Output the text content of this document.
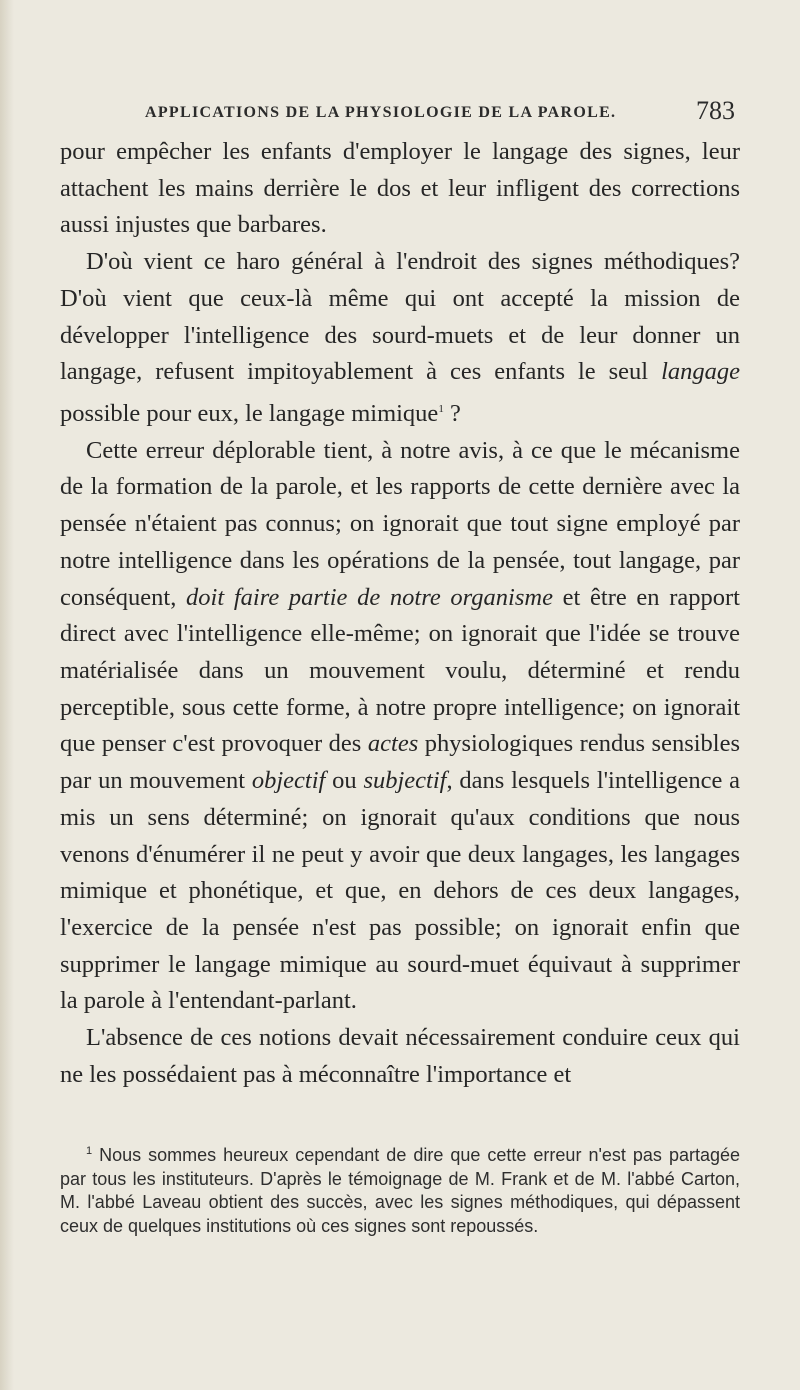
APPLICATIONS DE LA PHYSIOLOGIE DE LA PAROLE.	783

pour empêcher les enfants d'employer le langage des signes, leur attachent les mains derrière le dos et leur infligent des corrections aussi injustes que barbares.

D'où vient ce haro général à l'endroit des signes méthodiques? D'où vient que ceux-là même qui ont accepté la mission de développer l'intelligence des sourd-muets et de leur donner un langage, refusent impitoyablement à ces enfants le seul langage possible pour eux, le langage mimique$^1$ ?

Cette erreur déplorable tient, à notre avis, à ce que le mécanisme de la formation de la parole, et les rapports de cette dernière avec la pensée n'étaient pas connus; on ignorait que tout signe employé par notre intelligence dans les opérations de la pensée, tout langage, par conséquent, doit faire partie de notre organisme et être en rapport direct avec l'intelligence elle-même; on ignorait que l'idée se trouve matérialisée dans un mouvement voulu, déterminé et rendu perceptible, sous cette forme, à notre propre intelligence; on ignorait que penser c'est provoquer des actes physiologiques rendus sensibles par un mouvement objectif ou subjectif, dans lesquels l'intelligence a mis un sens déterminé; on ignorait qu'aux conditions que nous venons d'énumérer il ne peut y avoir que deux langages, les langages mimique et phonétique, et que, en dehors de ces deux langages, l'exercice de la pensée n'est pas possible; on ignorait enfin que supprimer le langage mimique au sourd-muet équivaut à supprimer la parole à l'entendant-parlant.

L'absence de ces notions devait nécessairement conduire ceux qui ne les possédaient pas à méconnaître l'importance et

$^1$ Nous sommes heureux cependant de dire que cette erreur n'est pas partagée par tous les instituteurs. D'après le témoignage de M. Frank et de M. l'abbé Carton, M. l'abbé Laveau obtient des succès, avec les signes méthodiques, qui dépassent ceux de quelques institutions où ces signes sont repoussés.
